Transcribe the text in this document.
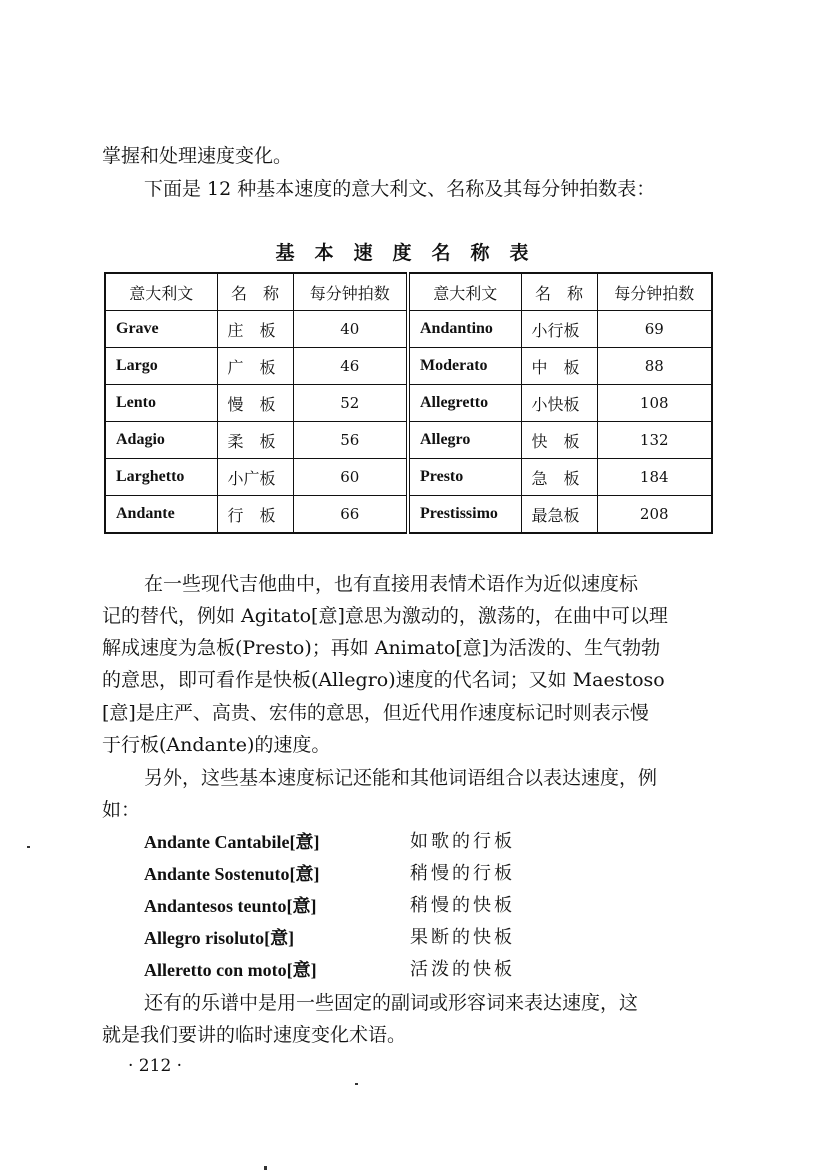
掌握和处理速度变化。

下面是 12 种基本速度的意大利文、名称及其每分钟拍数表：

基本速度名称表
意大利文	名　称	每分钟拍数	意大利文	名　称	每分钟拍数
Grave	庄　板	40	Andantino	小行板	69
Largo	广　板	46	Moderato	中　板	88
Lento	慢　板	52	Allegretto	小快板	108
Adagio	柔　板	56	Allegro	快　板	132
Larghetto	小广板	60	Presto	急　板	184
Andante	行　板	66	Prestissimo	最急板	208

在一些现代吉他曲中，也有直接用表情术语作为近似速度标

记的替代，例如 Agitato[意]意思为激动的，激荡的，在曲中可以理

解成速度为急板(Presto)；再如 Animato[意]为活泼的、生气勃勃

的意思，即可看作是快板(Allegro)速度的代名词；又如 Maestoso

[意]是庄严、高贵、宏伟的意思，但近代用作速度标记时则表示慢

于行板(Andante)的速度。

另外，这些基本速度标记还能和其他词语组合以表达速度，例

如：

Andante Cantabile[意]	如歌的行板
Andante Sostenuto[意]	稍慢的行板
Andantesos teunto[意]	稍慢的快板
Allegro risoluto[意]	果断的快板
Alleretto con moto[意]	活泼的快板

还有的乐谱中是用一些固定的副词或形容词来表达速度，这

就是我们要讲的临时速度变化术语。

· 212 ·
